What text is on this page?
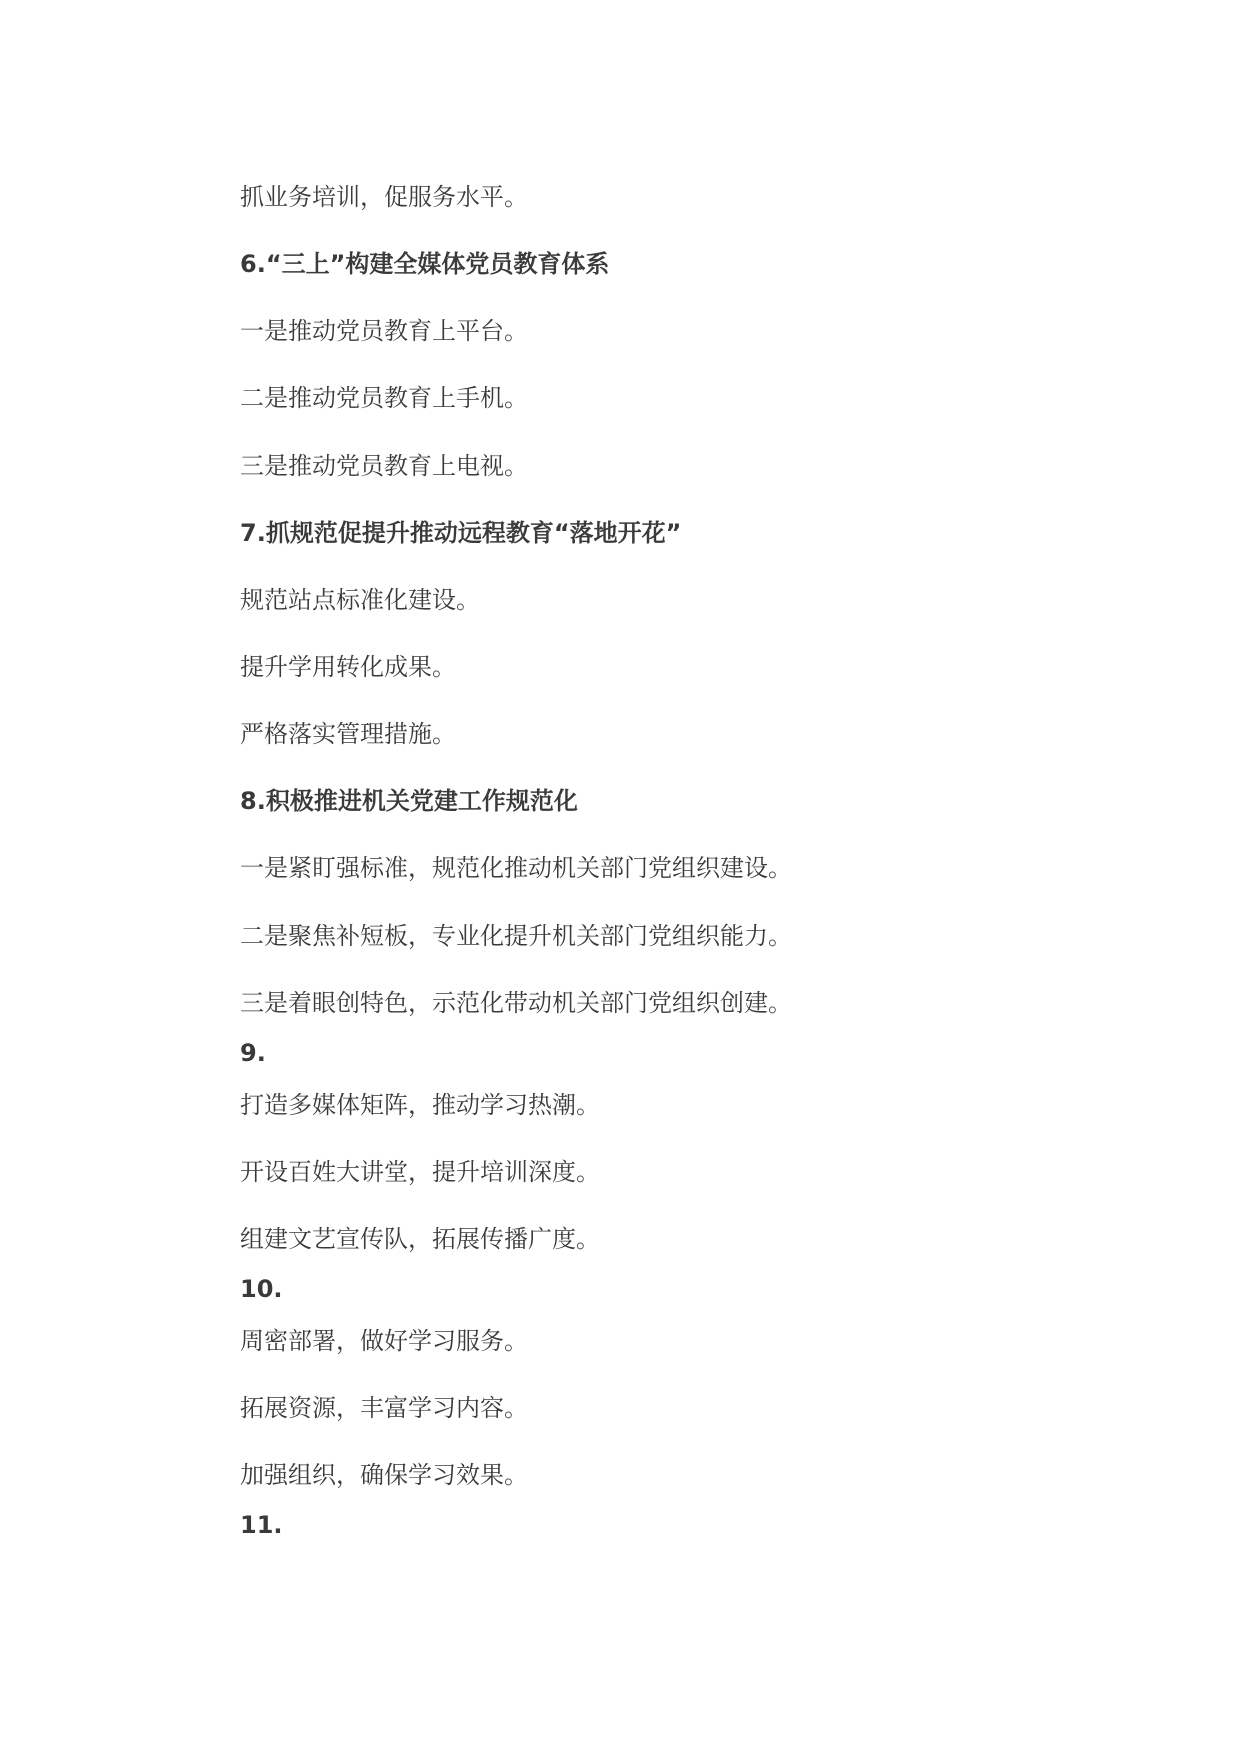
抓业务培训，促服务水平。

6.“三上”构建全媒体党员教育体系

一是推动党员教育上平台。

二是推动党员教育上手机。

三是推动党员教育上电视。

7.抓规范促提升推动远程教育“落地开花”

规范站点标准化建设。

提升学用转化成果。

严格落实管理措施。

8.积极推进机关党建工作规范化

一是紧盯强标准，规范化推动机关部门党组织建设。

二是聚焦补短板，专业化提升机关部门党组织能力。

三是着眼创特色，示范化带动机关部门党组织创建。

9.

打造多媒体矩阵，推动学习热潮。

开设百姓大讲堂，提升培训深度。

组建文艺宣传队，拓展传播广度。

10.

周密部署，做好学习服务。

拓展资源，丰富学习内容。

加强组织，确保学习效果。

11.
